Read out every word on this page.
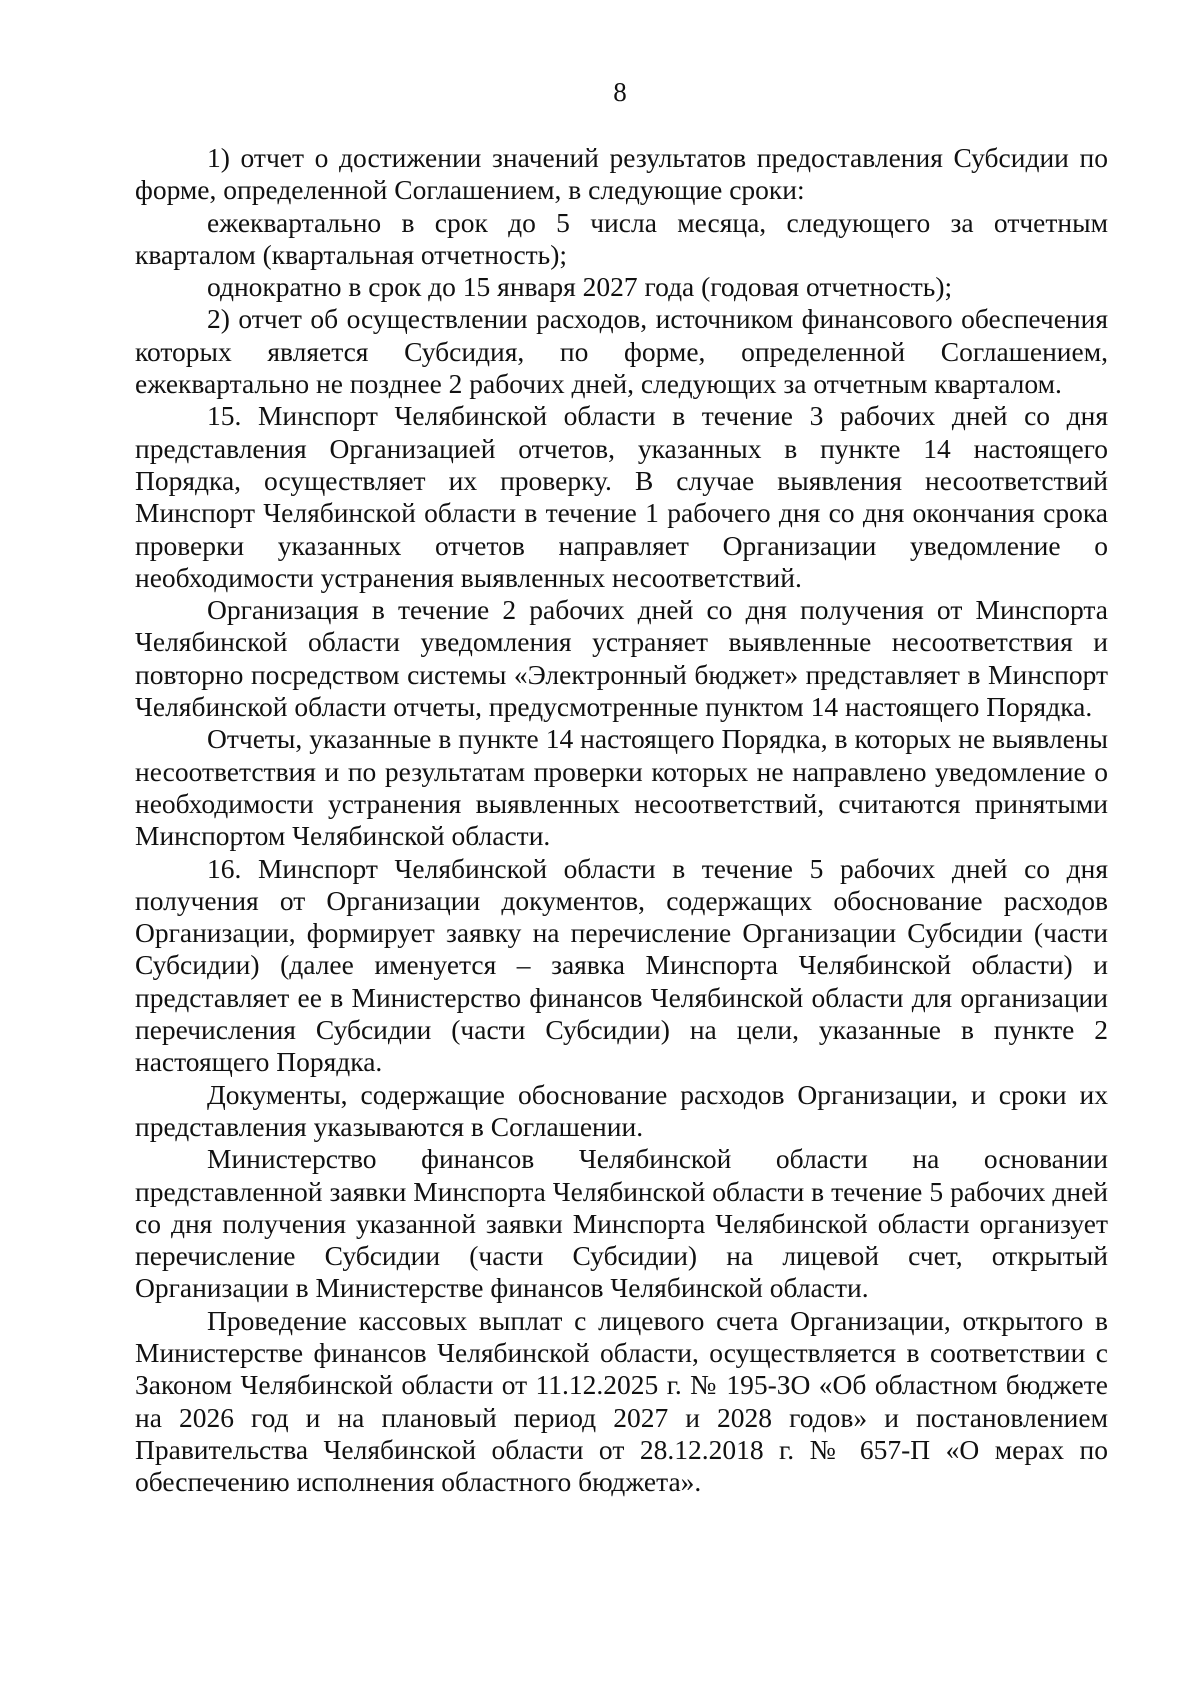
8

1) отчет о достижении значений результатов предоставления Субсидии по форме, определенной Соглашением, в следующие сроки:

ежеквартально в срок до 5 числа месяца, следующего за отчетным кварталом (квартальная отчетность);

однократно в срок до 15 января 2027 года (годовая отчетность);

2) отчет об осуществлении расходов, источником финансового обеспечения которых является Субсидия, по форме, определенной Соглашением, ежеквартально не позднее 2 рабочих дней, следующих за отчетным кварталом.

15. Минспорт Челябинской области в течение 3 рабочих дней со дня представления Организацией отчетов, указанных в пункте 14 настоящего Порядка, осуществляет их проверку. В случае выявления несоответствий Минспорт Челябинской области в течение 1 рабочего дня со дня окончания срока проверки указанных отчетов направляет Организации уведомление о необходимости устранения выявленных несоответствий.

Организация в течение 2 рабочих дней со дня получения от Минспорта Челябинской области уведомления устраняет выявленные несоответствия и повторно посредством системы «Электронный бюджет» представляет в Минспорт Челябинской области отчеты, предусмотренные пунктом 14 настоящего Порядка.

Отчеты, указанные в пункте 14 настоящего Порядка, в которых не выявлены несоответствия и по результатам проверки которых не направлено уведомление о необходимости устранения выявленных несоответствий, считаются принятыми Минспортом Челябинской области.

16. Минспорт Челябинской области в течение 5 рабочих дней со дня получения от Организации документов, содержащих обоснование расходов Организации, формирует заявку на перечисление Организации Субсидии (части Субсидии) (далее именуется – заявка Минспорта Челябинской области) и представляет ее в Министерство финансов Челябинской области для организации перечисления Субсидии (части Субсидии) на цели, указанные в пункте 2 настоящего Порядка.

Документы, содержащие обоснование расходов Организации, и сроки их представления указываются в Соглашении.

Министерство финансов Челябинской области на основании представленной заявки Минспорта Челябинской области в течение 5 рабочих дней со дня получения указанной заявки Минспорта Челябинской области организует перечисление Субсидии (части Субсидии) на лицевой счет, открытый Организации в Министерстве финансов Челябинской области.

Проведение кассовых выплат с лицевого счета Организации, открытого в Министерстве финансов Челябинской области, осуществляется в соответствии с Законом Челябинской области от 11.12.2025 г. № 195-ЗО «Об областном бюджете на 2026 год и на плановый период 2027 и 2028 годов» и постановлением Правительства Челябинской области от 28.12.2018 г. № 657-П «О мерах по обеспечению исполнения областного бюджета».
